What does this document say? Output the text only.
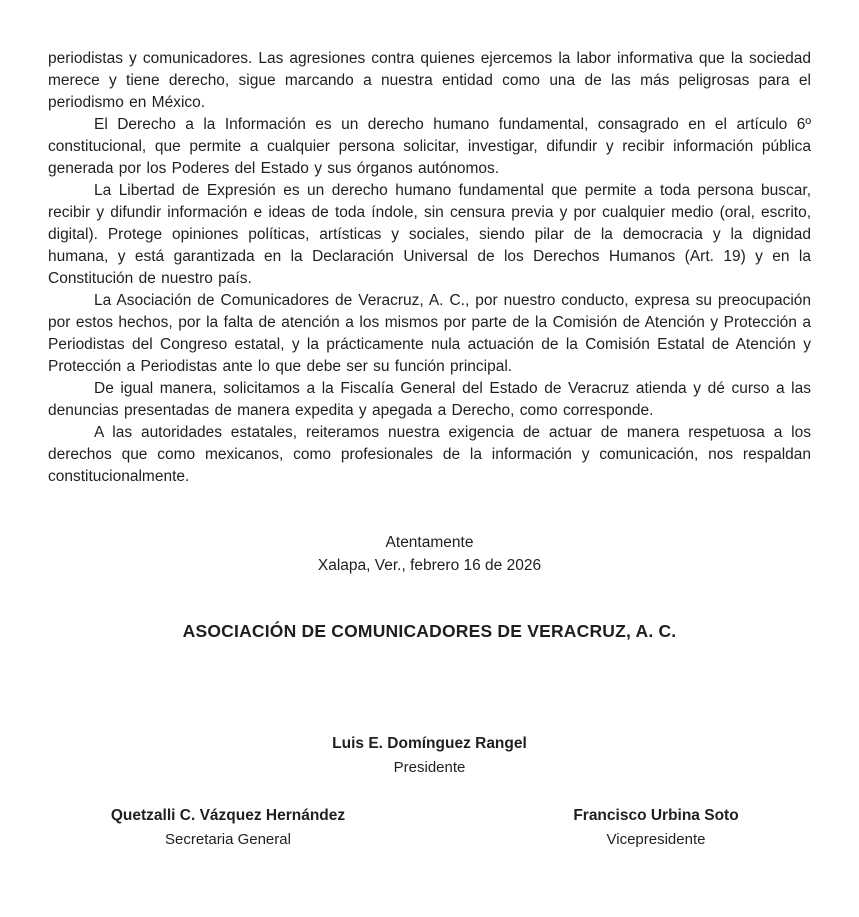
periodistas y comunicadores. Las agresiones contra quienes ejercemos la labor informativa que la sociedad merece y tiene derecho, sigue marcando a nuestra entidad como una de las más peligrosas para el periodismo en México.

El Derecho a la Información es un derecho humano fundamental, consagrado en el artículo 6º constitucional, que permite a cualquier persona solicitar, investigar, difundir y recibir información pública generada por los Poderes del Estado y sus órganos autónomos.

La Libertad de Expresión es un derecho humano fundamental que permite a toda persona buscar, recibir y difundir información e ideas de toda índole, sin censura previa y por cualquier medio (oral, escrito, digital). Protege opiniones políticas, artísticas y sociales, siendo pilar de la democracia y la dignidad humana, y está garantizada en la Declaración Universal de los Derechos Humanos (Art. 19) y en la Constitución de nuestro país.

La Asociación de Comunicadores de Veracruz, A. C., por nuestro conducto, expresa su preocupación por estos hechos, por la falta de atención a los mismos por parte de la Comisión de Atención y Protección a Periodistas del Congreso estatal, y la prácticamente nula actuación de la Comisión Estatal de Atención y Protección a Periodistas ante lo que debe ser su función principal.

De igual manera, solicitamos a la Fiscalía General del Estado de Veracruz atienda y dé curso a las denuncias presentadas de manera expedita y apegada a Derecho, como corresponde.

A las autoridades estatales, reiteramos nuestra exigencia de actuar de manera respetuosa a los derechos que como mexicanos, como profesionales de la información y comunicación, nos respaldan constitucionalmente.

Atentamente
Xalapa, Ver., febrero 16 de 2026
ASOCIACIÓN DE COMUNICADORES DE VERACRUZ, A. C.
Luis E. Domínguez Rangel
Presidente
Quetzalli C. Vázquez Hernández
Secretaria General
Francisco Urbina Soto
Vicepresidente
